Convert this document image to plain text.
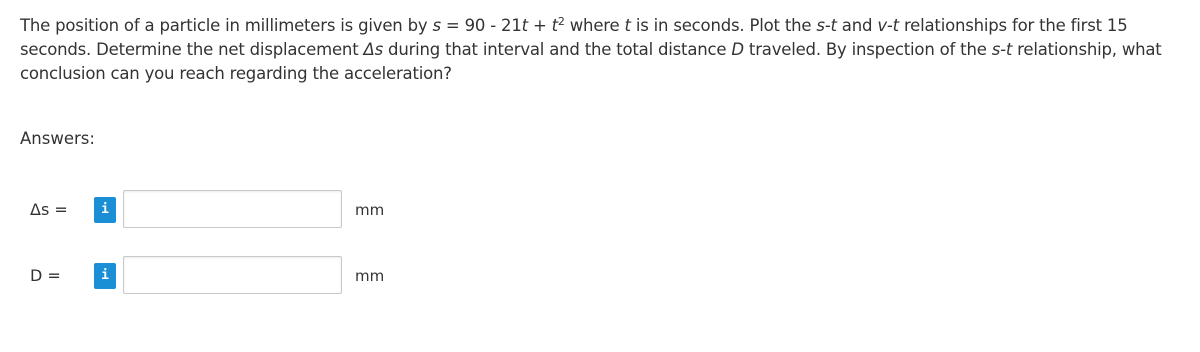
The position of a particle in millimeters is given by $s = 90 - 21t + t^2$ where t is in seconds. Plot the s-t and v-t relationships for the first 15 seconds. Determine the net displacement Δs during that interval and the total distance D traveled. By inspection of the s-t relationship, what conclusion can you reach regarding the acceleration?
Answers:
Δs =	i	mm
D =	i	mm
